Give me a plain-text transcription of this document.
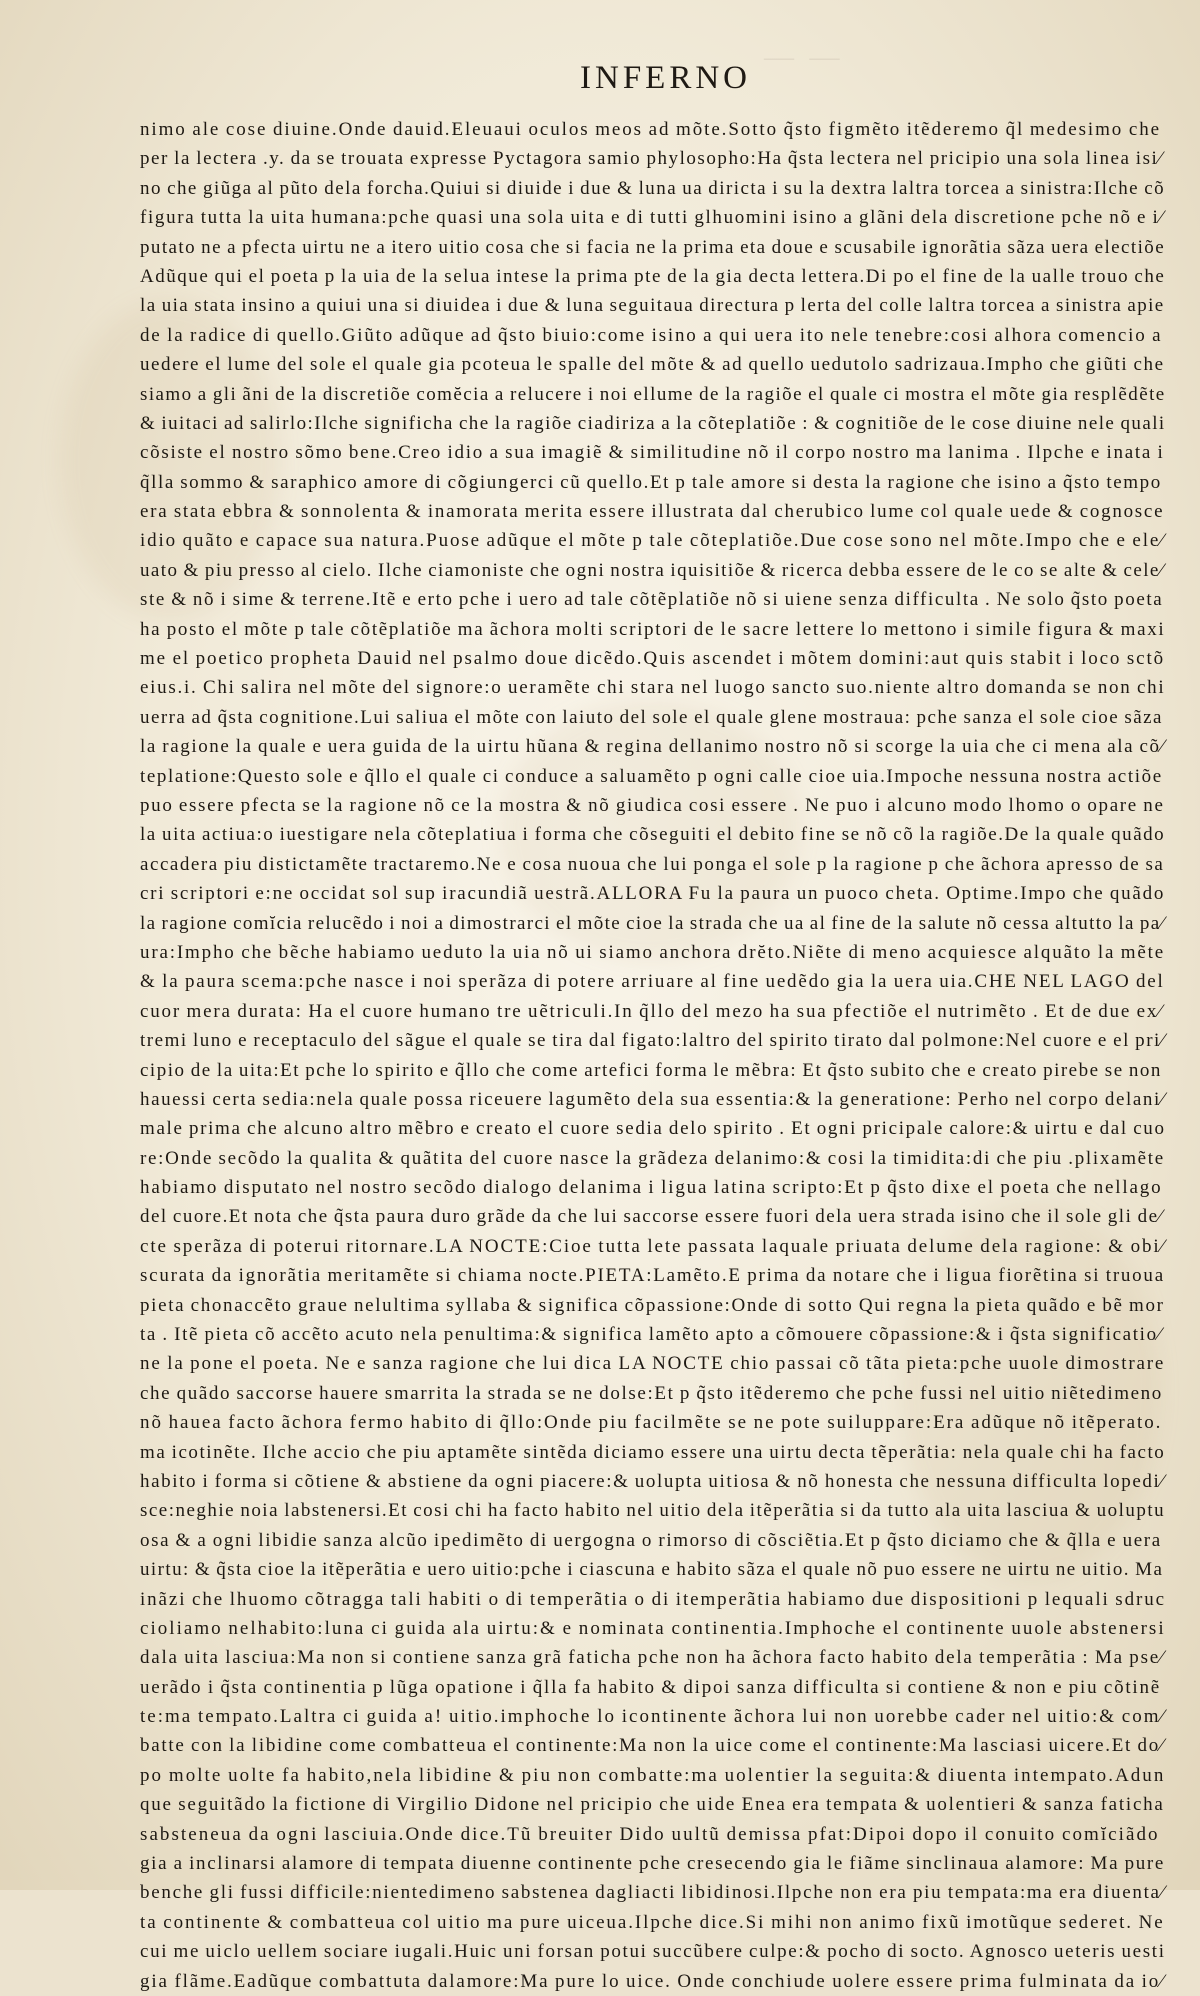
— —
INFERNO
nimo ale cose diuine.Onde dauid.Eleuaui oculos meos ad mõte.Sotto q̃sto figmẽto itẽderemo q̃l medesimo che
per la lectera .y. da se trouata expresse Pyctagora samio phylosopho:Ha q̃sta lectera nel pricipio una sola linea isi⁄
no che giũga al pũto dela forcha.Quiui si diuide i due & luna ua diricta i su la dextra laltra torcea a sinistra:Ilche cõ
figura tutta la uita humana:pche quasi una sola uita e di tutti glhuomini isino a glãni dela discretione pche nõ e i⁄
putato ne a pfecta uirtu ne a itero uitio cosa che si facia ne la prima eta doue e scusabile ignorãtia sãza uera electiõe
Adũque qui el poeta p la uia de la selua intese la prima pte de la gia decta lettera.Di po el fine de la ualle trouo che
la uia stata insino a quiui una si diuidea i due & luna seguitaua directura p lerta del colle laltra torcea a sinistra apie
de la radice di quello.Giũto adũque ad q̃sto biuio:come isino a qui uera ito nele tenebre:cosi alhora comencio a
uedere el lume del sole el quale gia pcoteua le spalle del mõte & ad quello uedutolo sadrizaua.Impho che giũti che
siamo a gli ãni de la discretiõe comĕcia a relucere i noi ellume de la ragiõe el quale ci mostra el mõte gia resplẽdẽte
& iuitaci ad salirlo:Ilche significha che la ragiõe ciadiriza a la cõteplatiõe : & cognitiõe de le cose diuine nele quali
cõsiste el nostro sõmo bene.Creo idio a sua imagiẽ & similitudine nõ il corpo nostro ma lanima . Ilpche e inata i
q̃lla sommo & saraphico amore di cõgiungerci cũ quello.Et p tale amore si desta la ragione che isino a q̃sto tempo
era stata ebbra & sonnolenta & inamorata merita essere illustrata dal cherubico lume col quale uede & cognosce
idio quãto e capace sua natura.Puose adũque el mõte p tale cõteplatiõe.Due cose sono nel mõte.Impo che e ele⁄
uato & piu presso al cielo. Ilche ciamoniste che ogni nostra iquisitiõe & ricerca debba essere de le co se alte & cele⁄
ste & nõ i sime & terrene.Itẽ e erto pche i uero ad tale cõtẽplatiõe nõ si uiene senza difficulta . Ne solo q̃sto poeta
ha posto el mõte p tale cõtẽplatiõe ma ãchora molti scriptori de le sacre lettere lo mettono i simile figura & maxi
me el poetico propheta Dauid nel psalmo doue dicẽdo.Quis ascendet i mõtem domini:aut quis stabit i loco sctõ
eius.i. Chi salira nel mõte del signore:o ueramẽte chi stara nel luogo sancto suo.niente altro domanda se non chi
uerra ad q̃sta cognitione.Lui saliua el mõte con laiuto del sole el quale glene mostraua: pche sanza el sole cioe sãza
la ragione la quale e uera guida de la uirtu hũana & regina dellanimo nostro nõ si scorge la uia che ci mena ala cõ⁄
teplatione:Questo sole e q̃llo el quale ci conduce a saluamẽto p ogni calle cioe uia.Impoche nessuna nostra actiõe
puo essere pfecta se la ragione nõ ce la mostra & nõ giudica cosi essere . Ne puo i alcuno modo lhomo o opare ne
la uita actiua:o iuestigare nela cõteplatiua i forma che cõseguiti el debito fine se nõ cõ la ragiõe.De la quale quãdo
accadera piu distictamẽte tractaremo.Ne e cosa nuoua che lui ponga el sole p la ragione p che ãchora apresso de sa
cri scriptori e:ne occidat sol sup iracundiã uestrã.ALLORA Fu la paura un puoco cheta. Optime.Impo che quãdo
la ragione comĭcia relucẽdo i noi a dimostrarci el mõte cioe la strada che ua al fine de la salute nõ cessa altutto la pa⁄
ura:Impho che bẽche habiamo ueduto la uia nõ ui siamo anchora drĕto.Niẽte di meno acquiesce alquãto la mẽte
& la paura scema:pche nasce i noi sperãza di potere arriuare al fine uedẽdo gia la uera uia.CHE NEL LAGO del
cuor mera durata: Ha el cuore humano tre uẽtriculi.In q̃llo del mezo ha sua pfectiõe el nutrimẽto . Et de due ex⁄
tremi luno e receptaculo del sãgue el quale se tira dal figato:laltro del spirito tirato dal polmone:Nel cuore e el pri⁄
cipio de la uita:Et pche lo spirito e q̃llo che come artefici forma le mẽbra: Et q̃sto subito che e creato pirebe se non
hauessi certa sedia:nela quale possa riceuere lagumẽto dela sua essentia:& la generatione: Perho nel corpo delani⁄
male prima che alcuno altro mẽbro e creato el cuore sedia delo spirito . Et ogni pricipale calore:& uirtu e dal cuo
re:Onde secõdo la qualita & quãtita del cuore nasce la grãdeza delanimo:& cosi la timidita:di che piu .plixamẽte
habiamo disputato nel nostro secõdo dialogo delanima i ligua latina scripto:Et p q̃sto dixe el poeta che nellago
del cuore.Et nota che q̃sta paura duro grãde da che lui saccorse essere fuori dela uera strada isino che il sole gli de⁄
cte sperãza di poterui ritornare.LA NOCTE:Cioe tutta lete passata laquale priuata delume dela ragione: & obi⁄
scurata da ignorãtia meritamẽte si chiama nocte.PIETA:Lamẽto.E prima da notare che i ligua fiorẽtina si truoua
pieta chonaccẽto graue nelultima syllaba & significa cõpassione:Onde di sotto Qui regna la pieta quãdo e bẽ mor
ta . Itẽ pieta cõ accẽto acuto nela penultima:& significa lamẽto apto a cõmouere cõpassione:& i q̃sta significatio⁄
ne la pone el poeta. Ne e sanza ragione che lui dica LA NOCTE chio passai cõ tãta pieta:pche uuole dimostrare
che quãdo saccorse hauere smarrita la strada se ne dolse:Et p q̃sto itẽderemo che pche fussi nel uitio niẽtedimeno
nõ hauea facto ãchora fermo habito di q̃llo:Onde piu facilmẽte se ne pote suiluppare:Era adũque nõ itẽperato.
ma icotinẽte. Ilche accio che piu aptamẽte sintẽda diciamo essere una uirtu decta tẽperãtia: nela quale chi ha facto
habito i forma si cõtiene & abstiene da ogni piacere:& uolupta uitiosa & nõ honesta che nessuna difficulta lopedi⁄
sce:neghie noia labstenersi.Et cosi chi ha facto habito nel uitio dela itẽperãtia si da tutto ala uita lasciua & uoluptu
osa & a ogni libidie sanza alcũo ipedimẽto di uergogna o rimorso di cõsciẽtia.Et p q̃sto diciamo che & q̃lla e uera
uirtu: & q̃sta cioe la itẽperãtia e uero uitio:pche i ciascuna e habito sãza el quale nõ puo essere ne uirtu ne uitio. Ma
inãzi che lhuomo cõtragga tali habiti o di temperãtia o di itemperãtia habiamo due dispositioni p lequali sdruc
cioliamo nelhabito:luna ci guida ala uirtu:& e nominata continentia.Imphoche el continente uuole abstenersi
dala uita lasciua:Ma non si contiene sanza grã faticha pche non ha ãchora facto habito dela temperãtia : Ma pse⁄
uerãdo i q̃sta continentia p lũga opatione i q̃lla fa habito & dipoi sanza difficulta si contiene & non e piu cõtinẽ
te:ma tempato.Laltra ci guida a! uitio.imphoche lo icontinente ãchora lui non uorebbe cader nel uitio:& com⁄
batte con la libidine come combatteua el continente:Ma non la uice come el continente:Ma lasciasi uicere.Et do⁄
po molte uolte fa habito,nela libidine & piu non combatte:ma uolentier la seguita:& diuenta intempato.Adun
que seguitãdo la fictione di Virgilio Didone nel pricipio che uide Enea era tempata & uolentieri & sanza faticha
sabsteneua da ogni lasciuia.Onde dice.Tũ breuiter Dido uultũ demissa pfat:Dipoi dopo il conuito comĭciãdo
gia a inclinarsi alamore di tempata diuenne continente pche cresecendo gia le fiãme sinclinaua alamore: Ma pure
benche gli fussi difficile:nientedimeno sabstenea dagliacti libidinosi.Ilpche non era piu tempata:ma era diuenta⁄
ta continente & combatteua col uitio ma pure uiceua.Ilpche dice.Si mihi non animo fixũ imotũque sederet. Ne
cui me uiclo uellem sociare iugali.Huic uni forsan potui succũbere culpe:& pocho di socto. Agnosco ueteris uesti
gia flãme.Eadũque combattuta dalamore:Ma pure lo uice. Onde conchiude uolere essere prima fulminata da io⁄
